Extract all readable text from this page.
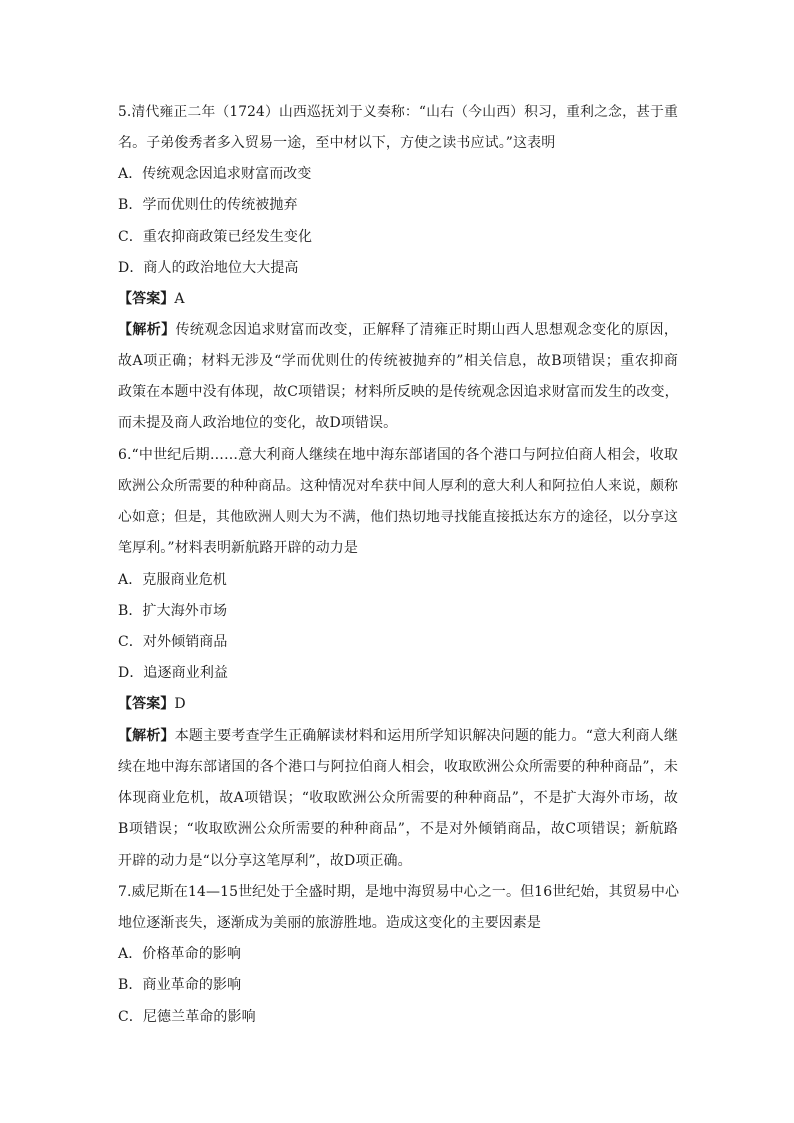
5.清代雍正二年（1724）山西巡抚刘于义奏称：“山右（今山西）积习，重利之念，甚于重
名。子弟俊秀者多入贸易一途，至中材以下，方使之读书应试。”这表明
A．传统观念因追求财富而改变
B．学而优则仕的传统被抛弃
C．重农抑商政策已经发生变化
D．商人的政治地位大大提高
【答案】A
【解析】传统观念因追求财富而改变，正解释了清雍正时期山西人思想观念变化的原因，
故A项正确；材料无涉及“学而优则仕的传统被抛弃的”相关信息，故B项错误；重农抑商
政策在本题中没有体现，故C项错误；材料所反映的是传统观念因追求财富而发生的改变，
而未提及商人政治地位的变化，故D项错误。
6.“中世纪后期……意大利商人继续在地中海东部诸国的各个港口与阿拉伯商人相会，收取
欧洲公众所需要的种种商品。这种情况对牟获中间人厚利的意大利人和阿拉伯人来说，颇称
心如意；但是，其他欧洲人则大为不满，他们热切地寻找能直接抵达东方的途径，以分享这
笔厚利。”材料表明新航路开辟的动力是
A．克服商业危机
B．扩大海外市场
C．对外倾销商品
D．追逐商业利益
【答案】D
【解析】本题主要考查学生正确解读材料和运用所学知识解决问题的能力。“意大利商人继
续在地中海东部诸国的各个港口与阿拉伯商人相会，收取欧洲公众所需要的种种商品”，未
体现商业危机，故A项错误；“收取欧洲公众所需要的种种商品”，不是扩大海外市场，故
B项错误；“收取欧洲公众所需要的种种商品”，不是对外倾销商品，故C项错误；新航路
开辟的动力是“以分享这笔厚利”，故D项正确。
7.威尼斯在14—15世纪处于全盛时期，是地中海贸易中心之一。但16世纪始，其贸易中心
地位逐渐丧失，逐渐成为美丽的旅游胜地。造成这变化的主要因素是
A．价格革命的影响
B．商业革命的影响
C．尼德兰革命的影响
